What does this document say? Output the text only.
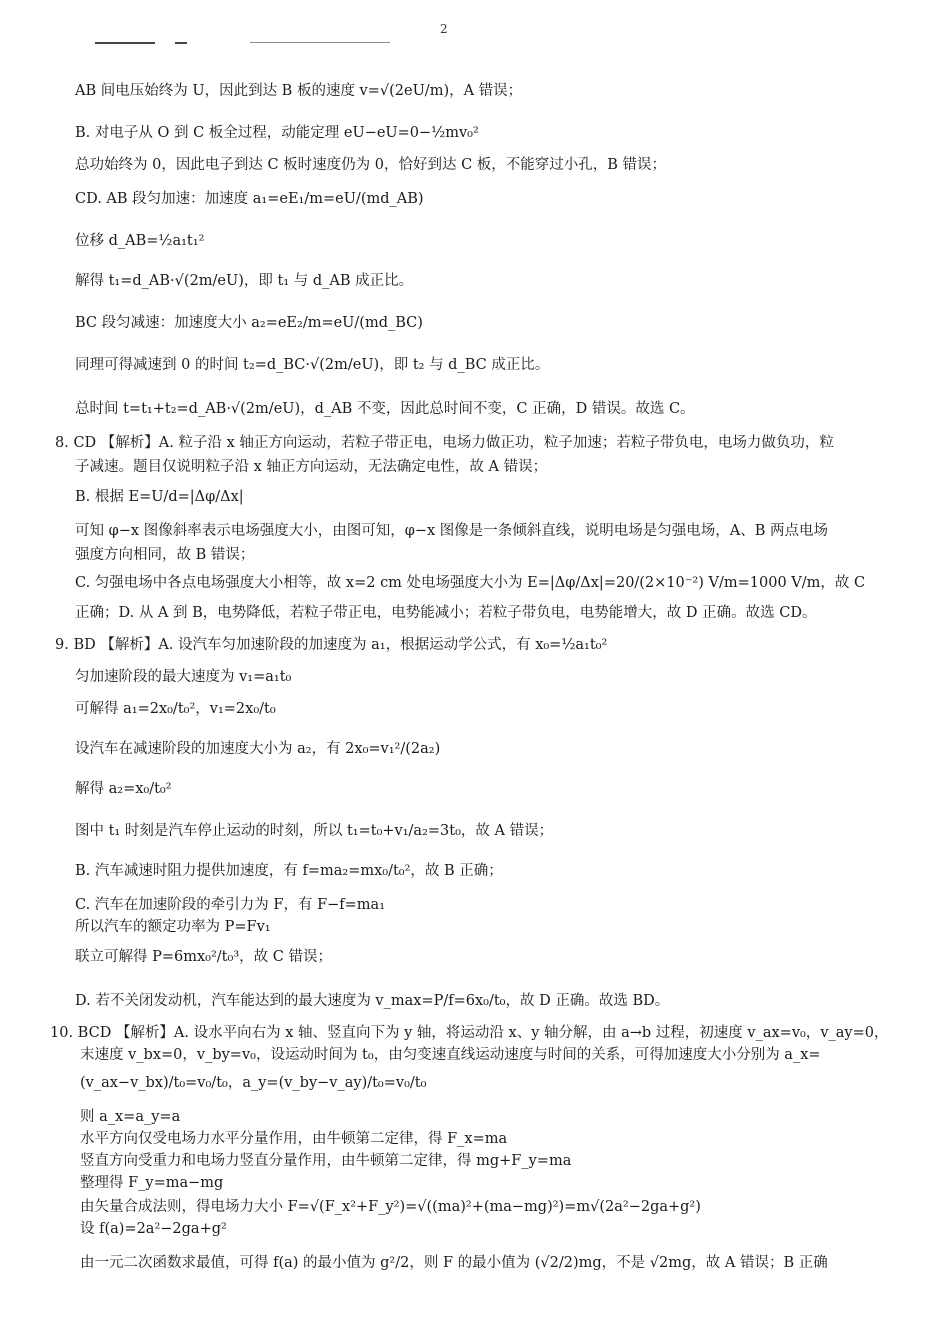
2
AB 间电压始终为 U，因此到达 B 板的速度 v=√(2eU/m)，A 错误；
B. 对电子从 O 到 C 板全过程，动能定理 eU−eU=0−½mv₀²
总功始终为 0，因此电子到达 C 板时速度仍为 0，恰好到达 C 板，不能穿过小孔，B 错误；
CD. AB 段匀加速：加速度 a₁=eE₁/m=eU/(md_AB)
位移 d_AB=½a₁t₁²
解得 t₁=d_AB·√(2m/eU)，即 t₁ 与 d_AB 成正比。
BC 段匀减速：加速度大小 a₂=eE₂/m=eU/(md_BC)
同理可得减速到 0 的时间 t₂=d_BC·√(2m/eU)，即 t₂ 与 d_BC 成正比。
总时间 t=t₁+t₂=d_AB·√(2m/eU)，d_AB 不变，因此总时间不变，C 正确，D 错误。故选 C。
8. CD 【解析】A. 粒子沿 x 轴正方向运动，若粒子带正电，电场力做正功，粒子加速；若粒子带负电，电场力做负功，粒
子减速。题目仅说明粒子沿 x 轴正方向运动，无法确定电性，故 A 错误；
B. 根据 E=U/d=|Δφ/Δx|
可知 φ−x 图像斜率表示电场强度大小，由图可知，φ−x 图像是一条倾斜直线，说明电场是匀强电场，A、B 两点电场
强度方向相同，故 B 错误；
C. 匀强电场中各点电场强度大小相等，故 x=2 cm 处电场强度大小为 E=|Δφ/Δx|=20/(2×10⁻²) V/m=1000 V/m，故 C
正确；D. 从 A 到 B，电势降低，若粒子带正电，电势能减小；若粒子带负电，电势能增大，故 D 正确。故选 CD。
9. BD 【解析】A. 设汽车匀加速阶段的加速度为 a₁，根据运动学公式，有 x₀=½a₁t₀²
匀加速阶段的最大速度为 v₁=a₁t₀
可解得 a₁=2x₀/t₀²，v₁=2x₀/t₀
设汽车在减速阶段的加速度大小为 a₂，有 2x₀=v₁²/(2a₂)
解得 a₂=x₀/t₀²
图中 t₁ 时刻是汽车停止运动的时刻，所以 t₁=t₀+v₁/a₂=3t₀，故 A 错误；
B. 汽车减速时阻力提供加速度，有 f=ma₂=mx₀/t₀²，故 B 正确；
C. 汽车在加速阶段的牵引力为 F，有 F−f=ma₁
所以汽车的额定功率为 P=Fv₁
联立可解得 P=6mx₀²/t₀³，故 C 错误；
D. 若不关闭发动机，汽车能达到的最大速度为 v_max=P/f=6x₀/t₀，故 D 正确。故选 BD。
10. BCD 【解析】A. 设水平向右为 x 轴、竖直向下为 y 轴，将运动沿 x、y 轴分解，由 a→b 过程，初速度 v_ax=v₀，v_ay=0，
末速度 v_bx=0，v_by=v₀，设运动时间为 t₀，由匀变速直线运动速度与时间的关系，可得加速度大小分别为 a_x=
(v_ax−v_bx)/t₀=v₀/t₀，a_y=(v_by−v_ay)/t₀=v₀/t₀
则 a_x=a_y=a
水平方向仅受电场力水平分量作用，由牛顿第二定律，得 F_x=ma
竖直方向受重力和电场力竖直分量作用，由牛顿第二定律，得 mg+F_y=ma
整理得 F_y=ma−mg
由矢量合成法则，得电场力大小 F=√(F_x²+F_y²)=√((ma)²+(ma−mg)²)=m√(2a²−2ga+g²)
设 f(a)=2a²−2ga+g²
由一元二次函数求最值，可得 f(a) 的最小值为 g²/2，则 F 的最小值为 (√2/2)mg，不是 √2mg，故 A 错误；B 正确
